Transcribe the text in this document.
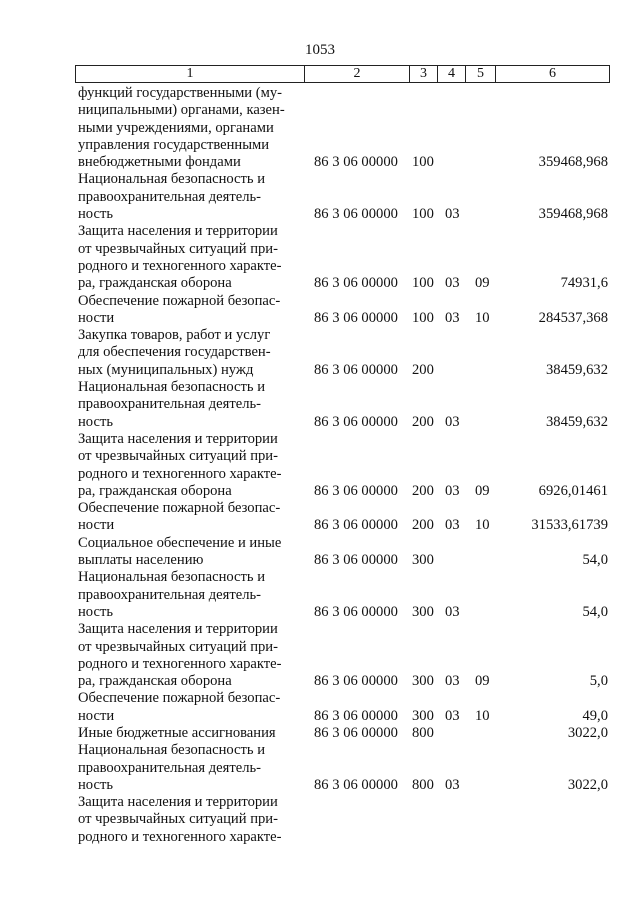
1053
1	2	3	4	5	6
функций государственными (му-
ниципальными) органами, казен-
ными учреждениями, органами
управления государственными
внебюджетными фондами	86 3 06 00000 100	359468,968
Национальная безопасность и
правоохранительная деятель-
ность	86 3 06 00000 100 03	359468,968
Защита населения и территории
от чрезвычайных ситуаций при-
родного и техногенного характе-
ра, гражданская оборона	86 3 06 00000 100 03 09	74931,6
Обеспечение пожарной безопас-
ности	86 3 06 00000 100 03 10	284537,368
Закупка товаров, работ и услуг
для обеспечения государствен-
ных (муниципальных) нужд	86 3 06 00000 200	38459,632
Национальная безопасность и
правоохранительная деятель-
ность	86 3 06 00000 200 03	38459,632
Защита населения и территории
от чрезвычайных ситуаций при-
родного и техногенного характе-
ра, гражданская оборона	86 3 06 00000 200 03 09	6926,01461
Обеспечение пожарной безопас-
ности	86 3 06 00000 200 03 10	31533,61739
Социальное обеспечение и иные
выплаты населению	86 3 06 00000 300	54,0
Национальная безопасность и
правоохранительная деятель-
ность	86 3 06 00000 300 03	54,0
Защита населения и территории
от чрезвычайных ситуаций при-
родного и техногенного характе-
ра, гражданская оборона	86 3 06 00000 300 03 09	5,0
Обеспечение пожарной безопас-
ности	86 3 06 00000 300 03 10	49,0
Иные бюджетные ассигнования	86 3 06 00000 800	3022,0
Национальная безопасность и
правоохранительная деятель-
ность	86 3 06 00000 800 03	3022,0
Защита населения и территории
от чрезвычайных ситуаций при-
родного и техногенного характе-
